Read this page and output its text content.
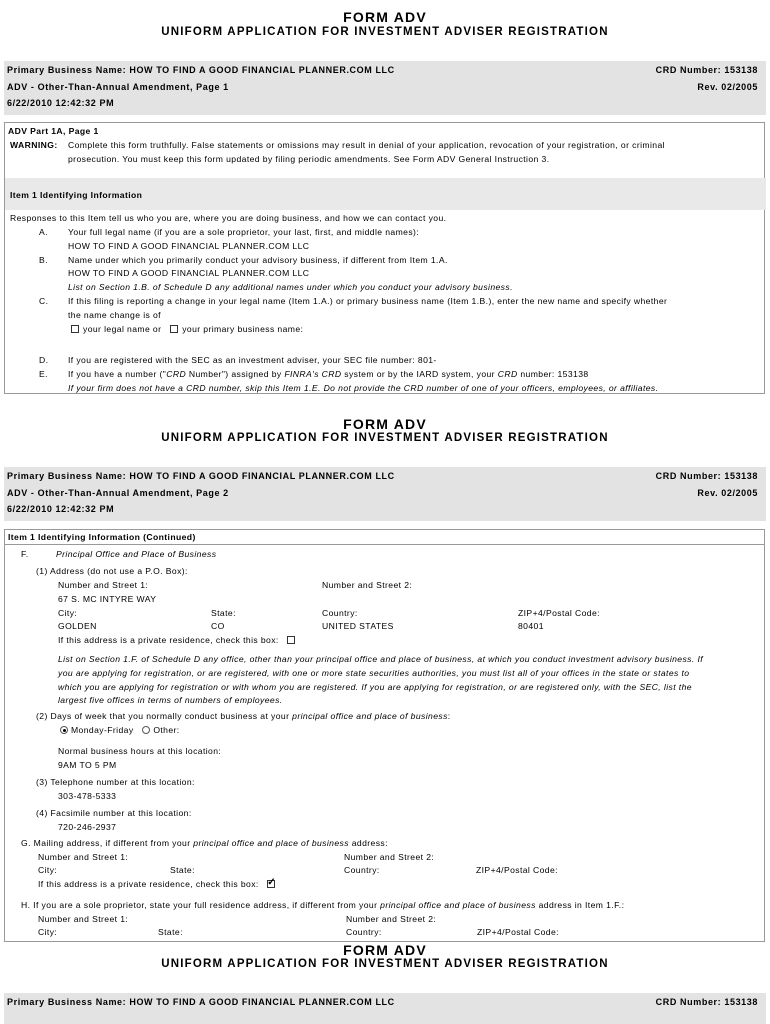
FORM ADV
UNIFORM APPLICATION FOR INVESTMENT ADVISER REGISTRATION
Primary Business Name: HOW TO FIND A GOOD FINANCIAL PLANNER.COM LLC	CRD Number: 153138
ADV - Other-Than-Annual Amendment, Page 1	Rev. 02/2005
6/22/2010 12:42:32 PM
ADV Part 1A, Page 1
WARNING: Complete this form truthfully. False statements or omissions may result in denial of your application, revocation of your registration, or criminal
prosecution. You must keep this form updated by filing periodic amendments. See Form ADV General Instruction 3.
Item 1 Identifying Information
Responses to this Item tell us who you are, where you are doing business, and how we can contact you.
A. Your full legal name (if you are a sole proprietor, your last, first, and middle names):
HOW TO FIND A GOOD FINANCIAL PLANNER.COM LLC
B. Name under which you primarily conduct your advisory business, if different from Item 1.A.
HOW TO FIND A GOOD FINANCIAL PLANNER.COM LLC
List on Section 1.B. of Schedule D any additional names under which you conduct your advisory business.
C. If this filing is reporting a change in your legal name (Item 1.A.) or primary business name (Item 1.B.), enter the new name and specify whether
the name change is of
your legal name or your primary business name:
D. If you are registered with the SEC as an investment adviser, your SEC file number: 801-
E. If you have a number ("CRD Number") assigned by FINRA's CRD system or by the IARD system, your CRD number: 153138
If your firm does not have a CRD number, skip this Item 1.E. Do not provide the CRD number of one of your officers, employees, or affiliates.
FORM ADV
UNIFORM APPLICATION FOR INVESTMENT ADVISER REGISTRATION
Primary Business Name: HOW TO FIND A GOOD FINANCIAL PLANNER.COM LLC	CRD Number: 153138
ADV - Other-Than-Annual Amendment, Page 2	Rev. 02/2005
6/22/2010 12:42:32 PM
Item 1 Identifying Information (Continued)
F.	Principal Office and Place of Business
(1) Address (do not use a P.O. Box):
Number and Street 1:	Number and Street 2:
67 S. MC INTYRE WAY
City:	State:	Country:	ZIP+4/Postal Code:
GOLDEN	CO	UNITED STATES	80401
If this address is a private residence, check this box:
List on Section 1.F. of Schedule D any office, other than your principal office and place of business, at which you conduct investment advisory business. If
you are applying for registration, or are registered, with one or more state securities authorities, you must list all of your offices in the state or states to
which you are applying for registration or with whom you are registered. If you are applying for registration, or are registered only, with the SEC, list the
largest five offices in terms of numbers of employees.
(2) Days of week that you normally conduct business at your principal office and place of business:
Monday-Friday Other:
Normal business hours at this location:
9AM TO 5 PM
(3) Telephone number at this location:
303-478-5333
(4) Facsimile number at this location:
720-246-2937
G. Mailing address, if different from your principal office and place of business address:
Number and Street 1:	Number and Street 2:
City:	State:	Country:	ZIP+4/Postal Code:
If this address is a private residence, check this box:✓
H. If you are a sole proprietor, state your full residence address, if different from your principal office and place of business address in Item 1.F.:
Number and Street 1:	Number and Street 2:
City:	State:	Country:	ZIP+4/Postal Code:
FORM ADV
UNIFORM APPLICATION FOR INVESTMENT ADVISER REGISTRATION
Primary Business Name: HOW TO FIND A GOOD FINANCIAL PLANNER.COM LLC	CRD Number: 153138
